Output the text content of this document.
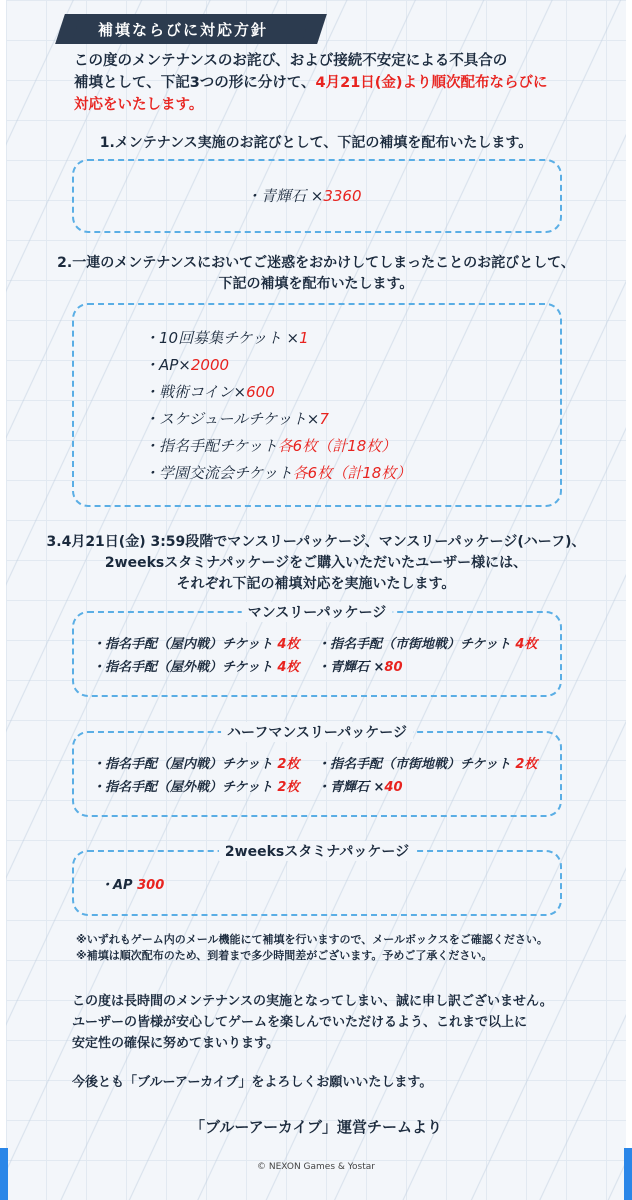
補填ならびに対応方針
この度のメンテナンスのお詫び、および接続不安定による不具合の
補填として、下記3つの形に分けて、4月21日(金)より順次配布ならびに
対応をいたします。
1.メンテナンス実施のお詫びとして、下記の補填を配布いたします。
・青輝石 ×3360
2.一連のメンテナンスにおいてご迷惑をおかけしてしまったことのお詫びとして、
下記の補填を配布いたします。
・10回募集チケット ×1
・AP×2000
・戦術コイン×600
・スケジュールチケット×7
・指名手配チケット各6枚（計18枚）
・学園交流会チケット各6枚（計18枚）
3.4月21日(金) 3:59段階でマンスリーパッケージ、マンスリーパッケージ(ハーフ)、
2weeksスタミナパッケージをご購入いただいたユーザー様には、
それぞれ下記の補填対応を実施いたします。
マンスリーパッケージ
・指名手配（屋内戦）チケット 4枚 ・指名手配（市街地戦）チケット 4枚
・指名手配（屋外戦）チケット 4枚 ・青輝石 ×80
ハーフマンスリーパッケージ
・指名手配（屋内戦）チケット 2枚 ・指名手配（市街地戦）チケット 2枚
・指名手配（屋外戦）チケット 2枚 ・青輝石 ×40
2weeksスタミナパッケージ
・AP 300
※いずれもゲーム内のメール機能にて補填を行いますので、メールボックスをご確認ください。
※補填は順次配布のため、到着まで多少時間差がございます。予めご了承ください。
この度は長時間のメンテナンスの実施となってしまい、誠に申し訳ございません。
ユーザーの皆様が安心してゲームを楽しんでいただけるよう、これまで以上に
安定性の確保に努めてまいります。
今後とも「ブルーアーカイブ」をよろしくお願いいたします。
「ブルーアーカイブ」運営チームより
© NEXON Games & Yostar
